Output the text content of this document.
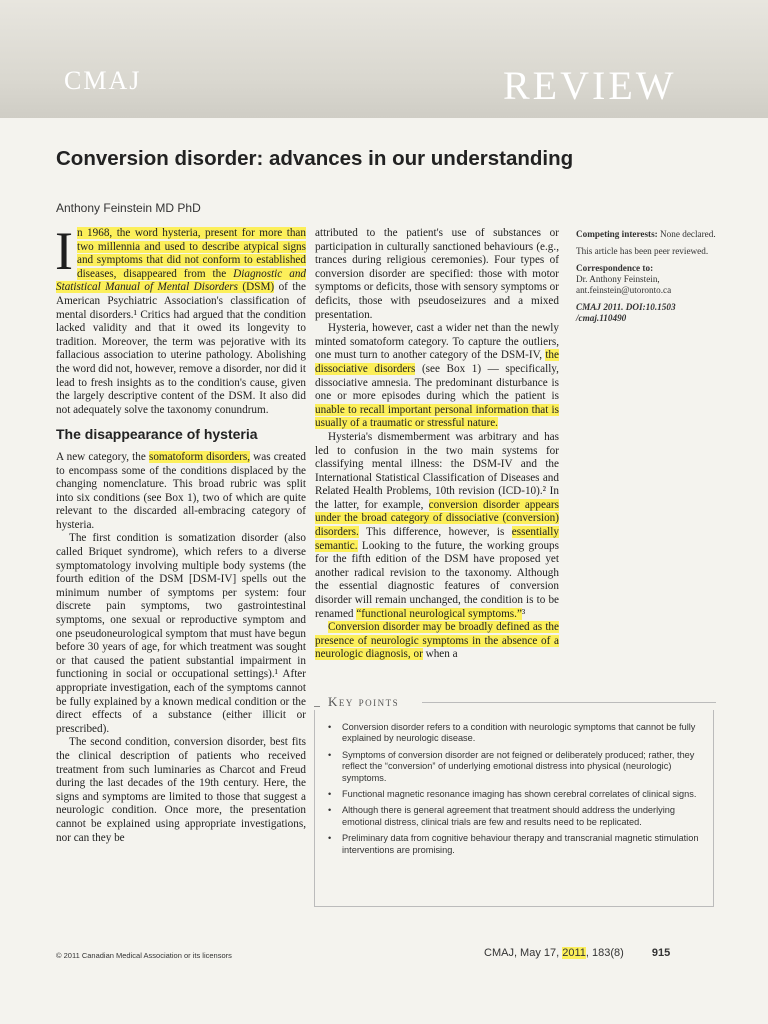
CMAJ	REVIEW
Conversion disorder: advances in our understanding
Anthony Feinstein MD PhD

In 1968, the word hysteria, present for more than two millennia and used to describe atypical signs and symptoms that did not conform to established diseases, disappeared from the Diagnostic and Statistical Manual of Mental Disorders (DSM) of the American Psychiatric Association's classification of mental disorders.¹ Critics had argued that the condition lacked validity and that it owed its longevity to tradition. Moreover, the term was pejorative with its fallacious association to uterine pathology. Abolishing the word did not, however, remove a disorder, nor did it lead to fresh insights as to the condition's cause, given the largely descriptive content of the DSM. It also did not adequately solve the taxonomy conundrum.

The disappearance of hysteria

A new category, the somatoform disorders, was created to encompass some of the conditions displaced by the changing nomenclature. This broad rubric was split into six conditions (see Box 1), two of which are quite relevant to the discarded all-embracing category of hysteria.

The first condition is somatization disorder (also called Briquet syndrome), which refers to a diverse symptomatology involving multiple body systems (the fourth edition of the DSM [DSM-IV] spells out the minimum number of symptoms per system: four discrete pain symptoms, two gastrointestinal symptoms, one sexual or reproductive symptom and one pseudoneurological symptom that must have begun before 30 years of age, for which treatment was sought or that caused the patient substantial impairment in functioning in social or occupational settings).¹ After appropriate investigation, each of the symptoms cannot be fully explained by a known medical condition or the direct effects of a substance (either illicit or prescribed).

The second condition, conversion disorder, best fits the clinical description of patients who received treatment from such luminaries as Charcot and Freud during the last decades of the 19th century. Here, the signs and symptoms are limited to those that suggest a neurologic condition. Once more, the presentation cannot be explained using appropriate investigations, nor can they be

attributed to the patient's use of substances or participation in culturally sanctioned behaviours (e.g., trances during religious ceremonies). Four types of conversion disorder are specified: those with motor symptoms or deficits, those with sensory symptoms or deficits, those with pseudoseizures and a mixed presentation.

Hysteria, however, cast a wider net than the newly minted somatoform category. To capture the outliers, one must turn to another category of the DSM-IV, the dissociative disorders (see Box 1) — specifically, dissociative amnesia. The predominant disturbance is one or more episodes during which the patient is unable to recall important personal information that is usually of a traumatic or stressful nature.

Hysteria's dismemberment was arbitrary and has led to confusion in the two main systems for classifying mental illness: the DSM-IV and the International Statistical Classification of Diseases and Related Health Problems, 10th revision (ICD-10).² In the latter, for example, conversion disorder appears under the broad category of dissociative (conversion) disorders. This difference, however, is essentially semantic. Looking to the future, the working groups for the fifth edition of the DSM have proposed yet another radical revision to the taxonomy. Although the essential diagnostic features of conversion disorder will remain unchanged, the condition is to be renamed “functional neurological symptoms.”³

Conversion disorder may be broadly defined as the presence of neurologic symptoms in the absence of a neurologic diagnosis, or when a

Competing interests: None declared.

This article has been peer reviewed.

Correspondence to:
Dr. Anthony Feinstein,
ant.feinstein@utoronto.ca

CMAJ 2011. DOI:10.1503 /cmaj.110490

Key points
• Conversion disorder refers to a condition with neurologic symptoms that cannot be fully explained by neurologic disease.
• Symptoms of conversion disorder are not feigned or deliberately produced; rather, they reflect the “conversion” of underlying emotional distress into physical (neurologic) symptoms.
• Functional magnetic resonance imaging has shown cerebral correlates of clinical signs.
• Although there is general agreement that treatment should address the underlying emotional distress, clinical trials are few and results need to be replicated.
• Preliminary data from cognitive behaviour therapy and transcranial magnetic stimulation interventions are promising.
© 2011 Canadian Medical Association or its licensors	CMAJ, May 17, 2011, 183(8)	915
